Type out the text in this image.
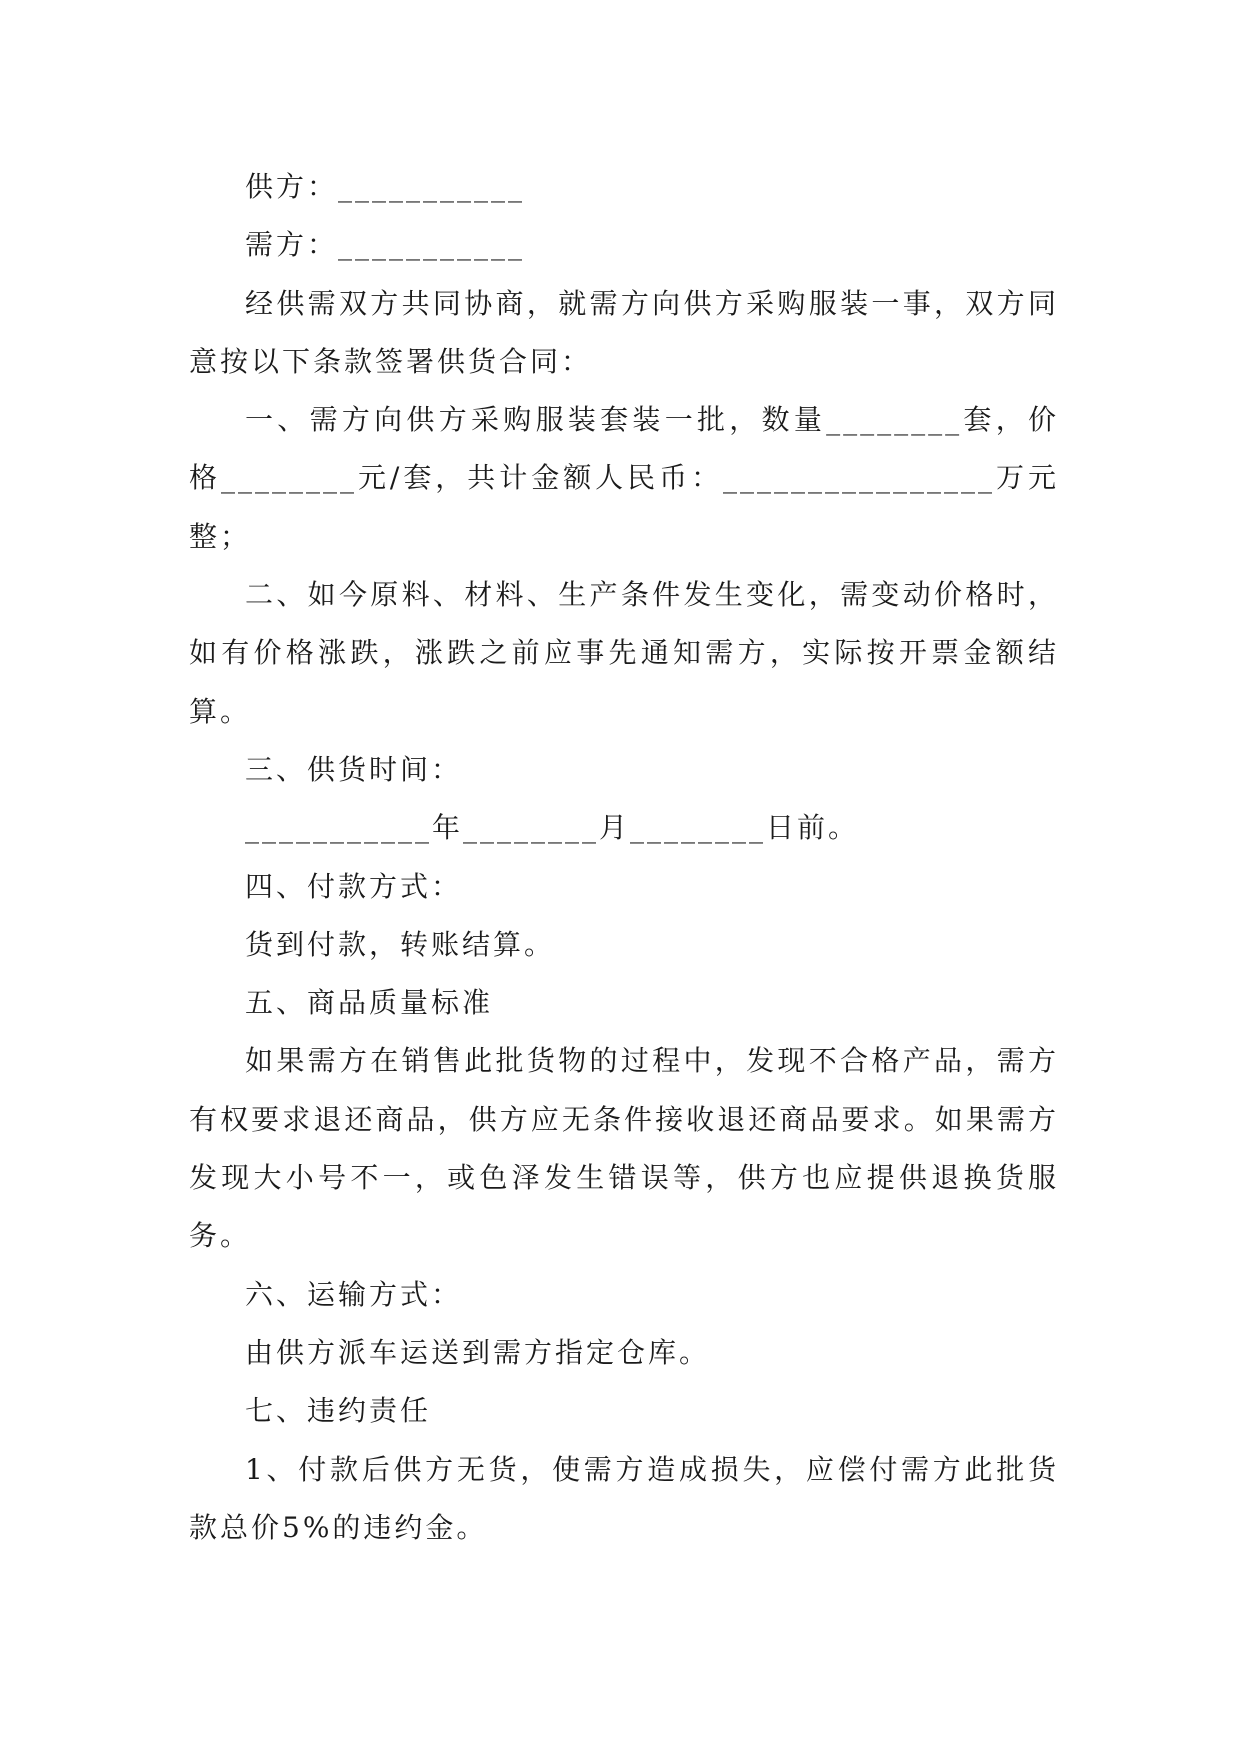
供方：___________

需方：___________

经供需双方共同协商，就需方向供方采购服装一事，双方同意按以下条款签署供货合同：

一、需方向供方采购服装套装一批，数量________套，价格________元/套，共计金额人民币：________________万元整；

二、如今原料、材料、生产条件发生变化，需变动价格时，如有价格涨跌，涨跌之前应事先通知需方，实际按开票金额结算。

三、供货时间：

___________年________月________日前。

四、付款方式：

货到付款，转账结算。

五、商品质量标准

如果需方在销售此批货物的过程中，发现不合格产品，需方有权要求退还商品，供方应无条件接收退还商品要求。如果需方发现大小号不一，或色泽发生错误等，供方也应提供退换货服务。

六、运输方式：

由供方派车运送到需方指定仓库。

七、违约责任

1、付款后供方无货，使需方造成损失，应偿付需方此批货款总价5%的违约金。
